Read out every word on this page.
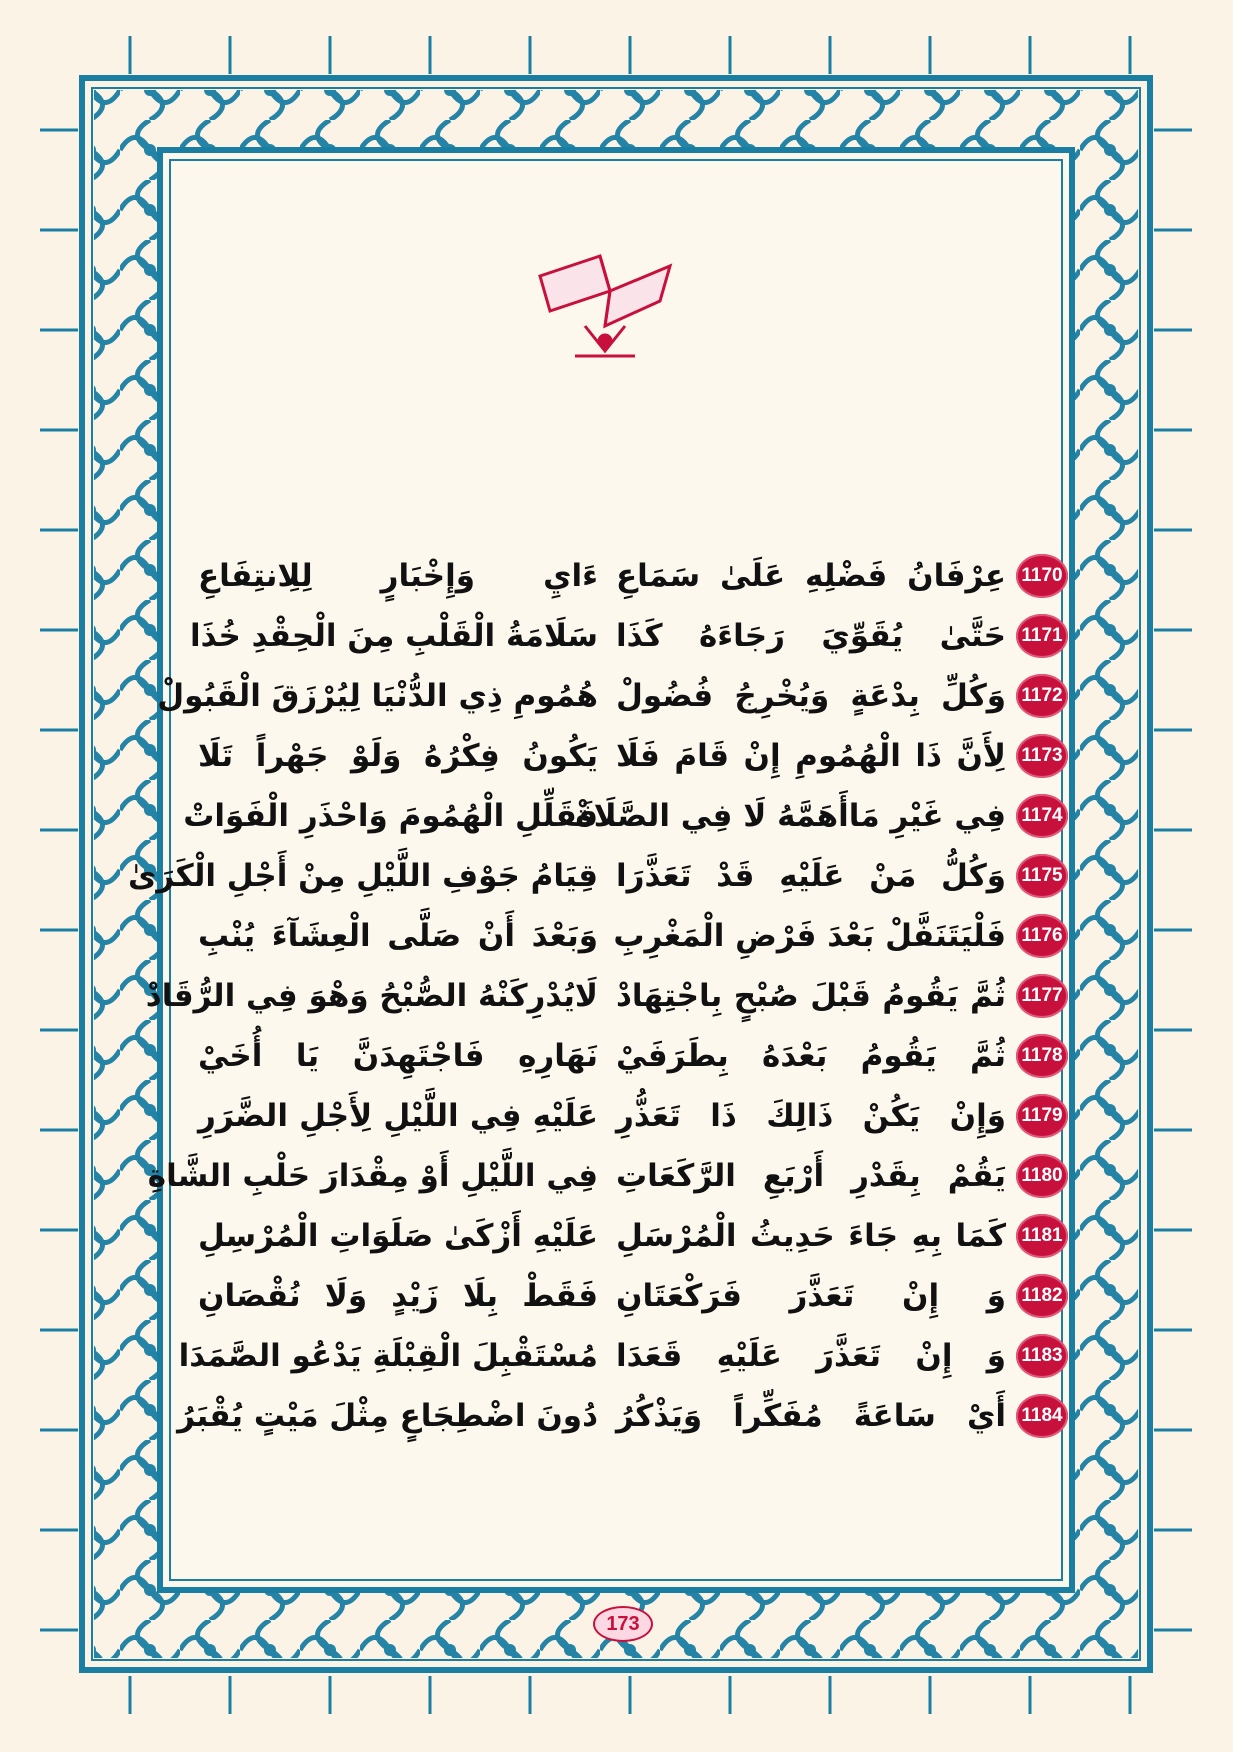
1170
عِرْفَانُ فَضْلِهِ عَلَىٰ سَمَاعِ
ءَايِ وَإِخْبَارٍ لِلِانتِفَاعِ
1171
حَتَّىٰ يُقَوِّيَ رَجَاءَهُ كَذَا
سَلَامَةُ الْقَلْبِ مِنَ الْحِقْدِ خُذَا
1172
وَكُلِّ بِدْعَةٍ وَيُخْرِجُ فُضُولْ
هُمُومِ ذِي الدُّنْيَا لِيُرْزَقَ الْقَبُولْ
1173
لِأَنَّ ذَا الْهُمُومِ إِنْ قَامَ فَلَا
يَكُونُ فِكْرُهُ وَلَوْ جَهْراً تَلَا
1174
فِي غَيْرِ مَاأَهَمَّهُ لَا فِي الصَّلَاةْ
فَقَلِّلِ الْهُمُومَ وَاحْذَرِ الْفَوَاتْ
1175
وَكُلُّ مَنْ عَلَيْهِ قَدْ تَعَذَّرَا
قِيَامُ جَوْفِ اللَّيْلِ مِنْ أَجْلِ الْكَرَىٰ
1176
فَلْيَتَنَفَّلْ بَعْدَ فَرْضِ الْمَغْرِبِ
وَبَعْدَ أَنْ صَلَّى الْعِشَآءَ يُنْبِ
1177
ثُمَّ يَقُومُ قَبْلَ صُبْحٍ بِاجْتِهَادْ
لَايُدْرِكَنْهُ الصُّبْحُ وَهْوَ فِي الرُّقَادْ
1178
ثُمَّ يَقُومُ بَعْدَهُ بِطَرَفَيْ
نَهَارِهِ فَاجْتَهِدَنَّ يَا أُخَيْ
1179
وَإِنْ يَكُنْ ذَالِكَ ذَا تَعَذُّرِ
عَلَيْهِ فِي اللَّيْلِ لِأَجْلِ الضَّرَرِ
1180
يَقُمْ بِقَدْرِ أَرْبَعِ الرَّكَعَاتِ
فِي اللَّيْلِ أَوْ مِقْدَارَ حَلْبِ الشَّاةِ
1181
كَمَا بِهِ جَاءَ حَدِيثُ الْمُرْسَلِ
عَلَيْهِ أَزْكَىٰ صَلَوَاتِ الْمُرْسِلِ
1182
وَ إِنْ تَعَذَّرَ فَرَكْعَتَانِ
فَقَطْ بِلَا زَيْدٍ وَلَا نُقْصَانِ
1183
وَ إِنْ تَعَذَّرَ عَلَيْهِ قَعَدَا
مُسْتَقْبِلَ الْقِبْلَةِ يَدْعُو الصَّمَدَا
1184
أَيْ سَاعَةً مُفَكِّراً وَيَذْكُرُ
دُونَ اضْطِجَاعٍ مِثْلَ مَيْتٍ يُقْبَرُ
173
